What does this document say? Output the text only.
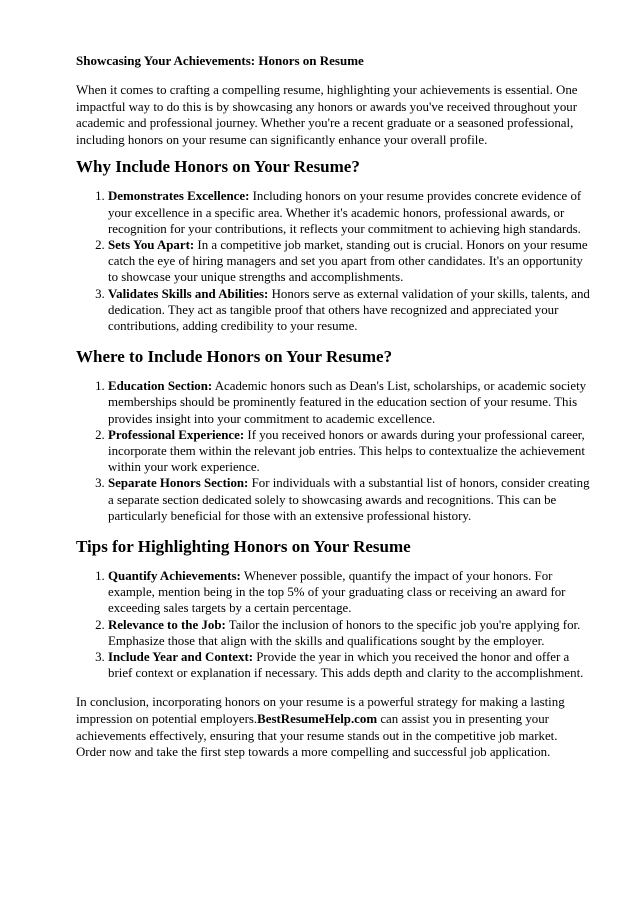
Showcasing Your Achievements: Honors on Resume

When it comes to crafting a compelling resume, highlighting your achievements is essential. One impactful way to do this is by showcasing any honors or awards you've received throughout your academic and professional journey. Whether you're a recent graduate or a seasoned professional, including honors on your resume can significantly enhance your overall profile.

Why Include Honors on Your Resume?
1. Demonstrates Excellence: Including honors on your resume provides concrete evidence of your excellence in a specific area. Whether it's academic honors, professional awards, or recognition for your contributions, it reflects your commitment to achieving high standards.
2. Sets You Apart: In a competitive job market, standing out is crucial. Honors on your resume catch the eye of hiring managers and set you apart from other candidates. It's an opportunity to showcase your unique strengths and accomplishments.
3. Validates Skills and Abilities: Honors serve as external validation of your skills, talents, and dedication. They act as tangible proof that others have recognized and appreciated your contributions, adding credibility to your resume.
Where to Include Honors on Your Resume?
1. Education Section: Academic honors such as Dean's List, scholarships, or academic society memberships should be prominently featured in the education section of your resume. This provides insight into your commitment to academic excellence.
2. Professional Experience: If you received honors or awards during your professional career, incorporate them within the relevant job entries. This helps to contextualize the achievement within your work experience.
3. Separate Honors Section: For individuals with a substantial list of honors, consider creating a separate section dedicated solely to showcasing awards and recognitions. This can be particularly beneficial for those with an extensive professional history.
Tips for Highlighting Honors on Your Resume
1. Quantify Achievements: Whenever possible, quantify the impact of your honors. For example, mention being in the top 5% of your graduating class or receiving an award for exceeding sales targets by a certain percentage.
2. Relevance to the Job: Tailor the inclusion of honors to the specific job you're applying for. Emphasize those that align with the skills and qualifications sought by the employer.
3. Include Year and Context: Provide the year in which you received the honor and offer a brief context or explanation if necessary. This adds depth and clarity to the accomplishment.

In conclusion, incorporating honors on your resume is a powerful strategy for making a lasting impression on potential employers.BestResumeHelp.com can assist you in presenting your achievements effectively, ensuring that your resume stands out in the competitive job market. Order now and take the first step towards a more compelling and successful job application.
